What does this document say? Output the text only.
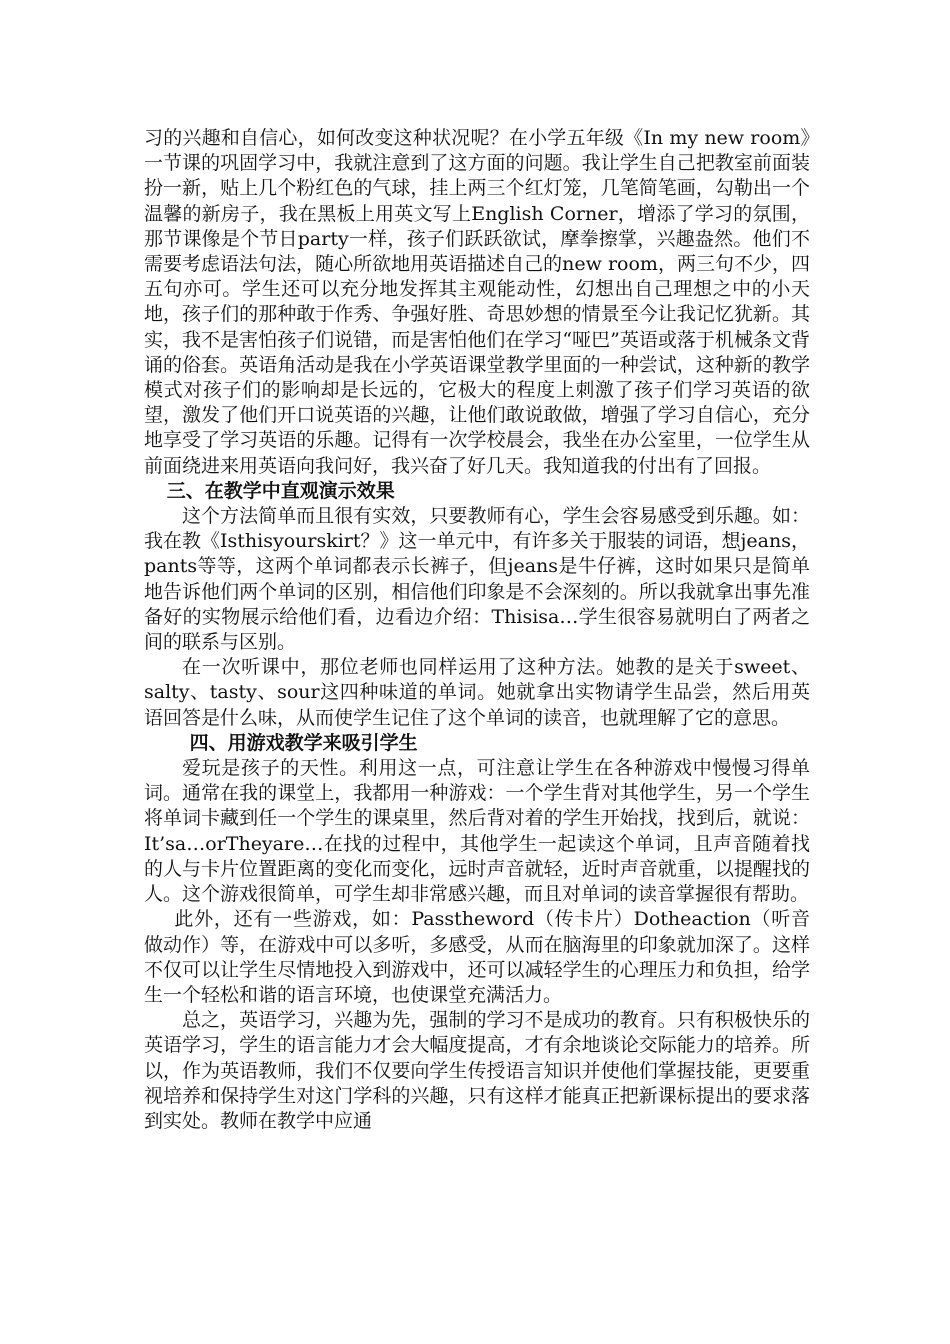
习的兴趣和自信心，如何改变这种状况呢？在小学五年级《In my new room》一节课的巩固学习中，我就注意到了这方面的问题。我让学生自己把教室前面装扮一新，贴上几个粉红色的气球，挂上两三个红灯笼，几笔简笔画，勾勒出一个温馨的新房子，我在黑板上用英文写上English Corner，增添了学习的氛围，那节课像是个节日party一样，孩子们跃跃欲试，摩拳擦掌，兴趣盎然。他们不需要考虑语法句法，随心所欲地用英语描述自己的new room，两三句不少，四五句亦可。学生还可以充分地发挥其主观能动性，幻想出自己理想之中的小天地，孩子们的那种敢于作秀、争强好胜、奇思妙想的情景至今让我记忆犹新。其实，我不是害怕孩子们说错，而是害怕他们在学习“哑巴”英语或落于机械条文背诵的俗套。英语角活动是我在小学英语课堂教学里面的一种尝试，这种新的教学模式对孩子们的影响却是长远的，它极大的程度上刺激了孩子们学习英语的欲望，激发了他们开口说英语的兴趣，让他们敢说敢做，增强了学习自信心，充分地享受了学习英语的乐趣。记得有一次学校晨会，我坐在办公室里，一位学生从前面绕进来用英语向我问好，我兴奋了好几天。我知道我的付出有了回报。

三、在教学中直观演示效果

这个方法简单而且很有实效，只要教师有心，学生会容易感受到乐趣。如：我在教《Isthisyourskirt？》这一单元中，有许多关于服装的词语，想jeans，pants等等，这两个单词都表示长裤子，但jeans是牛仔裤，这时如果只是简单地告诉他们两个单词的区别，相信他们印象是不会深刻的。所以我就拿出事先准备好的实物展示给他们看，边看边介绍：Thisisa…学生很容易就明白了两者之间的联系与区别。

在一次听课中，那位老师也同样运用了这种方法。她教的是关于sweet、salty、tasty、sour这四种味道的单词。她就拿出实物请学生品尝，然后用英语回答是什么味，从而使学生记住了这个单词的读音，也就理解了它的意思。

四、用游戏教学来吸引学生

爱玩是孩子的天性。利用这一点，可注意让学生在各种游戏中慢慢习得单词。通常在我的课堂上，我都用一种游戏：一个学生背对其他学生，另一个学生将单词卡藏到任一个学生的课桌里，然后背对着的学生开始找，找到后，就说：It’sa…orTheyare…在找的过程中，其他学生一起读这个单词，且声音随着找的人与卡片位置距离的变化而变化，远时声音就轻，近时声音就重，以提醒找的人。这个游戏很简单，可学生却非常感兴趣，而且对单词的读音掌握很有帮助。

此外，还有一些游戏，如：Passtheword（传卡片）Dotheaction（听音做动作）等，在游戏中可以多听，多感受，从而在脑海里的印象就加深了。这样不仅可以让学生尽情地投入到游戏中，还可以减轻学生的心理压力和负担，给学生一个轻松和谐的语言环境，也使课堂充满活力。

总之，英语学习，兴趣为先，强制的学习不是成功的教育。只有积极快乐的英语学习，学生的语言能力才会大幅度提高，才有余地谈论交际能力的培养。所以，作为英语教师，我们不仅要向学生传授语言知识并使他们掌握技能，更要重视培养和保持学生对这门学科的兴趣，只有这样才能真正把新课标提出的要求落到实处。教师在教学中应通
